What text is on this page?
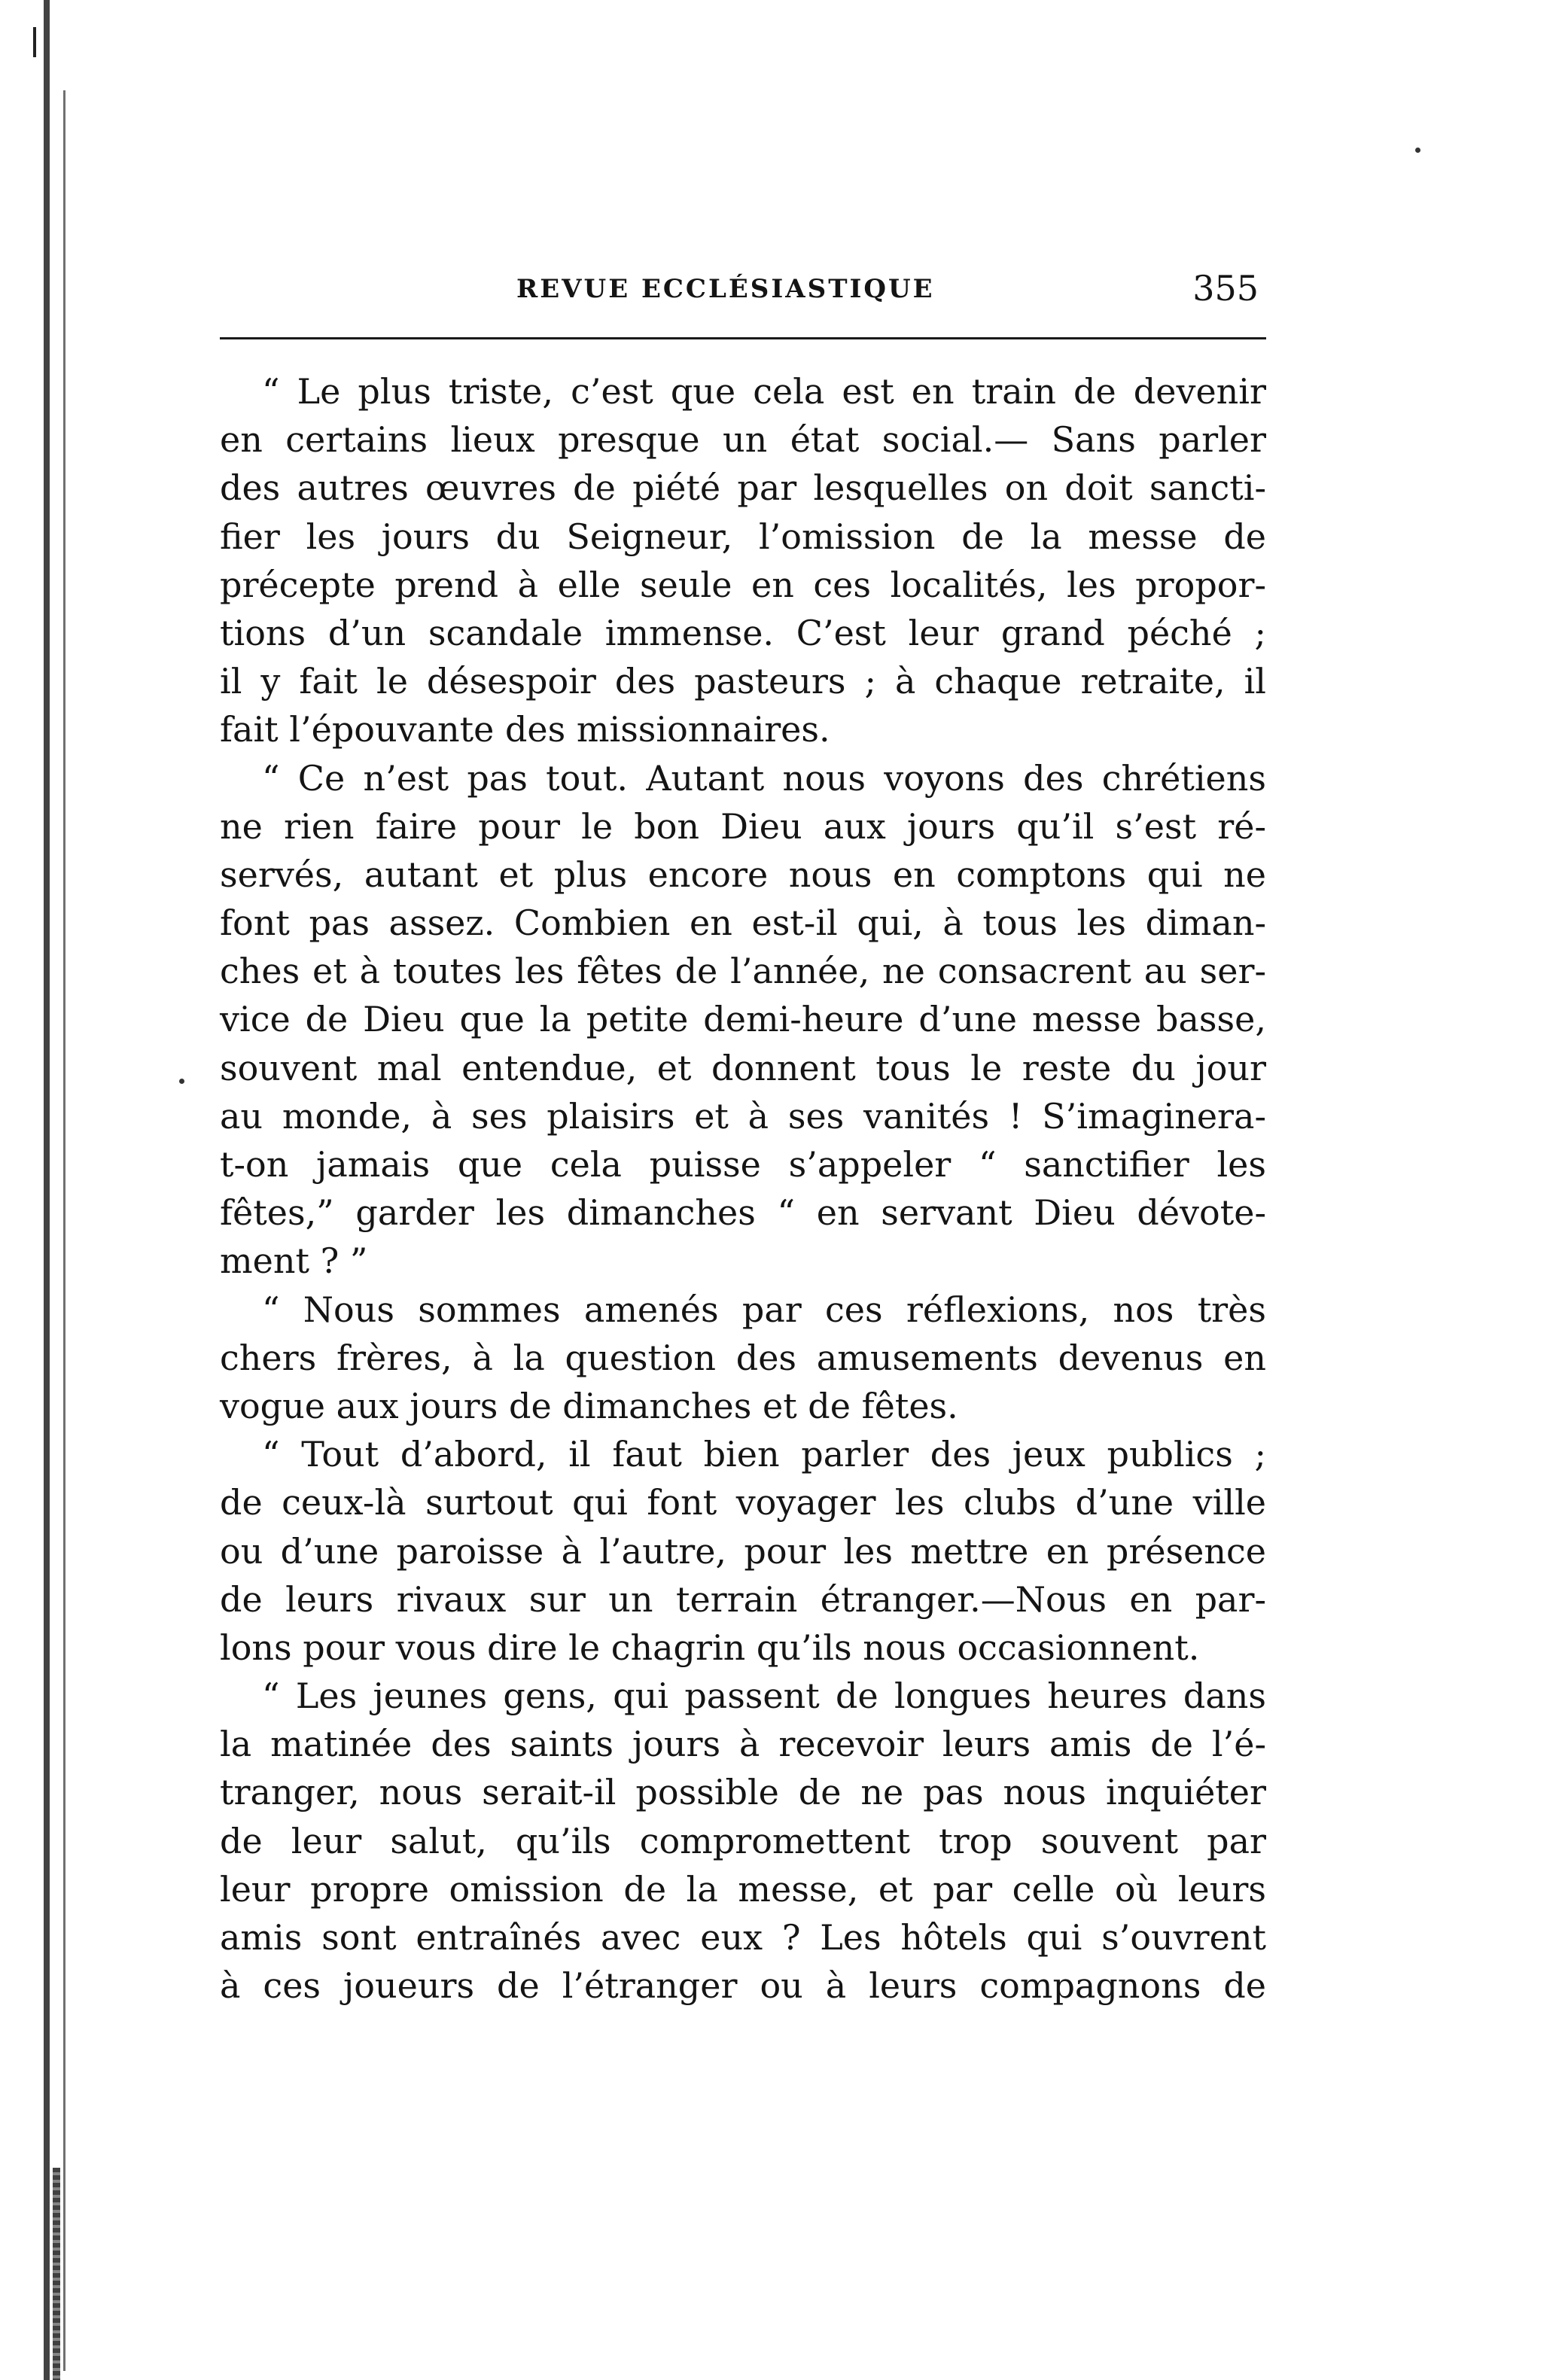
REVUE ECCLÉSIASTIQUE	355
“ Le plus triste, c’est que cela est en train de devenir
en certains lieux presque un état social.— Sans parler
des autres œuvres de piété par lesquelles on doit sancti-
fier les jours du Seigneur, l’omission de la messe de
précepte prend à elle seule en ces localités, les propor-
tions d’un scandale immense. C’est leur grand péché ;
il y fait le désespoir des pasteurs ; à chaque retraite, il
fait l’épouvante des missionnaires.
“ Ce n’est pas tout. Autant nous voyons des chrétiens
ne rien faire pour le bon Dieu aux jours qu’il s’est ré-
servés, autant et plus encore nous en comptons qui ne
font pas assez. Combien en est-il qui, à tous les diman-
ches et à toutes les fêtes de l’année, ne consacrent au ser-
vice de Dieu que la petite demi-heure d’une messe basse,
souvent mal entendue, et donnent tous le reste du jour
au monde, à ses plaisirs et à ses vanités ! S’imaginera-
t-on jamais que cela puisse s’appeler “ sanctifier les
fêtes,” garder les dimanches “ en servant Dieu dévote-
ment ? ”
“ Nous sommes amenés par ces réflexions, nos très
chers frères, à la question des amusements devenus en
vogue aux jours de dimanches et de fêtes.
“ Tout d’abord, il faut bien parler des jeux publics ;
de ceux-là surtout qui font voyager les clubs d’une ville
ou d’une paroisse à l’autre, pour les mettre en présence
de leurs rivaux sur un terrain étranger.—Nous en par-
lons pour vous dire le chagrin qu’ils nous occasionnent.
“ Les jeunes gens, qui passent de longues heures dans
la matinée des saints jours à recevoir leurs amis de l’é-
tranger, nous serait-il possible de ne pas nous inquiéter
de leur salut, qu’ils compromettent trop souvent par
leur propre omission de la messe, et par celle où leurs
amis sont entraînés avec eux ? Les hôtels qui s’ouvrent
à ces joueurs de l’étranger ou à leurs compagnons de
